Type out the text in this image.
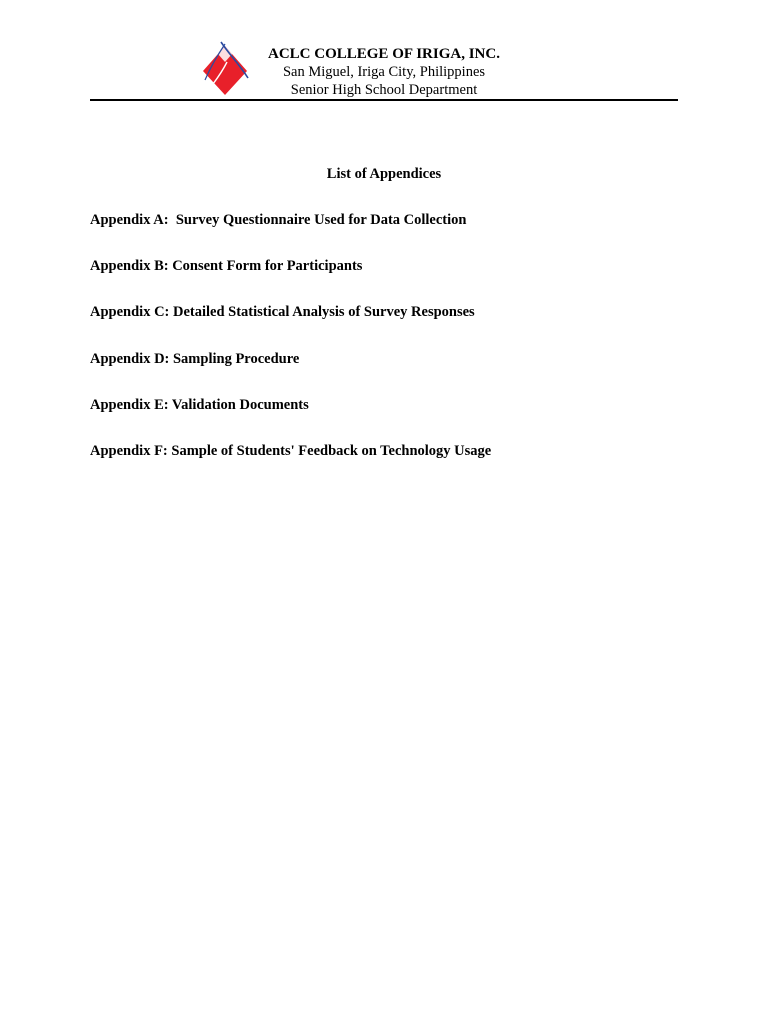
ACLC COLLEGE OF IRIGA, INC.
San Miguel, Iriga City, Philippines
Senior High School Department
List of Appendices
Appendix A:  Survey Questionnaire Used for Data Collection
Appendix B: Consent Form for Participants
Appendix C: Detailed Statistical Analysis of Survey Responses
Appendix D: Sampling Procedure
Appendix E: Validation Documents
Appendix F: Sample of Students' Feedback on Technology Usage
